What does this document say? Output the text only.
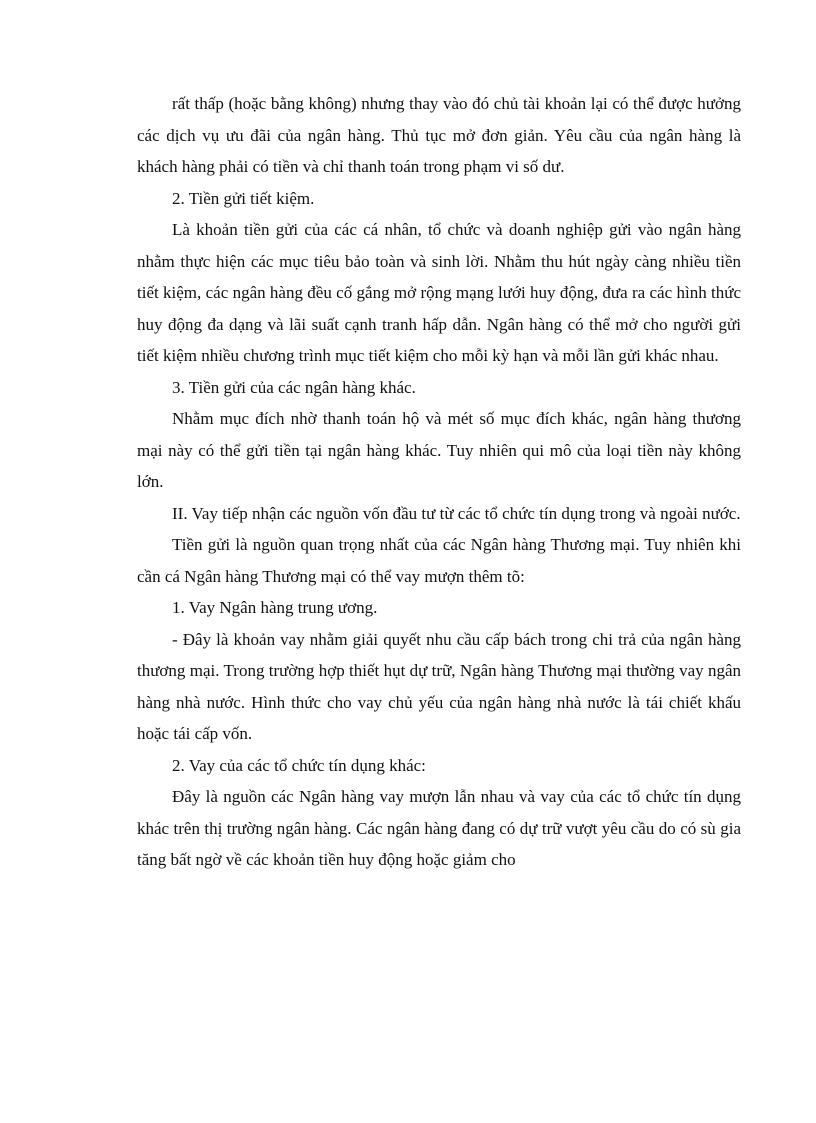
rất thấp (hoặc bằng không) nhưng thay vào đó chủ tài khoản lại có thể được hưởng các dịch vụ ưu đãi của ngân hàng. Thủ tục mở đơn giản. Yêu cầu của ngân hàng là khách hàng phải có tiền và chỉ thanh toán trong phạm vi số dư.

2. Tiền gửi tiết kiệm.

Là khoản tiền gửi của các cá nhân, tổ chức và doanh nghiệp gửi vào ngân hàng nhằm thực hiện các mục tiêu bảo toàn và sinh lời. Nhằm thu hút ngày càng nhiều tiền tiết kiệm, các ngân hàng đều cố gắng mở rộng mạng lưới huy động, đưa ra các hình thức huy động đa dạng và lãi suất cạnh tranh hấp dẫn. Ngân hàng có thể mở cho người gửi tiết kiệm nhiều chương trình mục tiết kiệm cho mỗi kỳ hạn và mỗi lần gửi khác nhau.

3. Tiền gửi của các ngân hàng khác.

Nhằm mục đích nhờ thanh toán hộ và mét số mục đích khác, ngân hàng thương mại này có thể gửi tiền tại ngân hàng khác. Tuy nhiên qui mô của loại tiền này không lớn.

II. Vay tiếp nhận các nguồn vốn đầu tư từ các tổ chức tín dụng trong và ngoài nước.

Tiền gửi là nguồn quan trọng nhất của các Ngân hàng Thương mại. Tuy nhiên khi cần cá Ngân hàng Thương mại có thể vay mượn thêm tõ:

1. Vay Ngân hàng trung ương.

- Đây là khoản vay nhằm giải quyết nhu cầu cấp bách trong chi trả của ngân hàng thương mại. Trong trường hợp thiết hụt dự trữ, Ngân hàng Thương mại thường vay ngân hàng nhà nước. Hình thức cho vay chủ yếu của ngân hàng nhà nước là tái chiết khấu hoặc tái cấp vốn.

2. Vay của các tổ chức tín dụng khác:

Đây là nguồn các Ngân hàng vay mượn lẫn nhau và vay của các tổ chức tín dụng khác trên thị trường ngân hàng. Các ngân hàng đang có dự trữ vượt yêu cầu do có sù gia tăng bất ngờ về các khoản tiền huy động hoặc giảm cho
